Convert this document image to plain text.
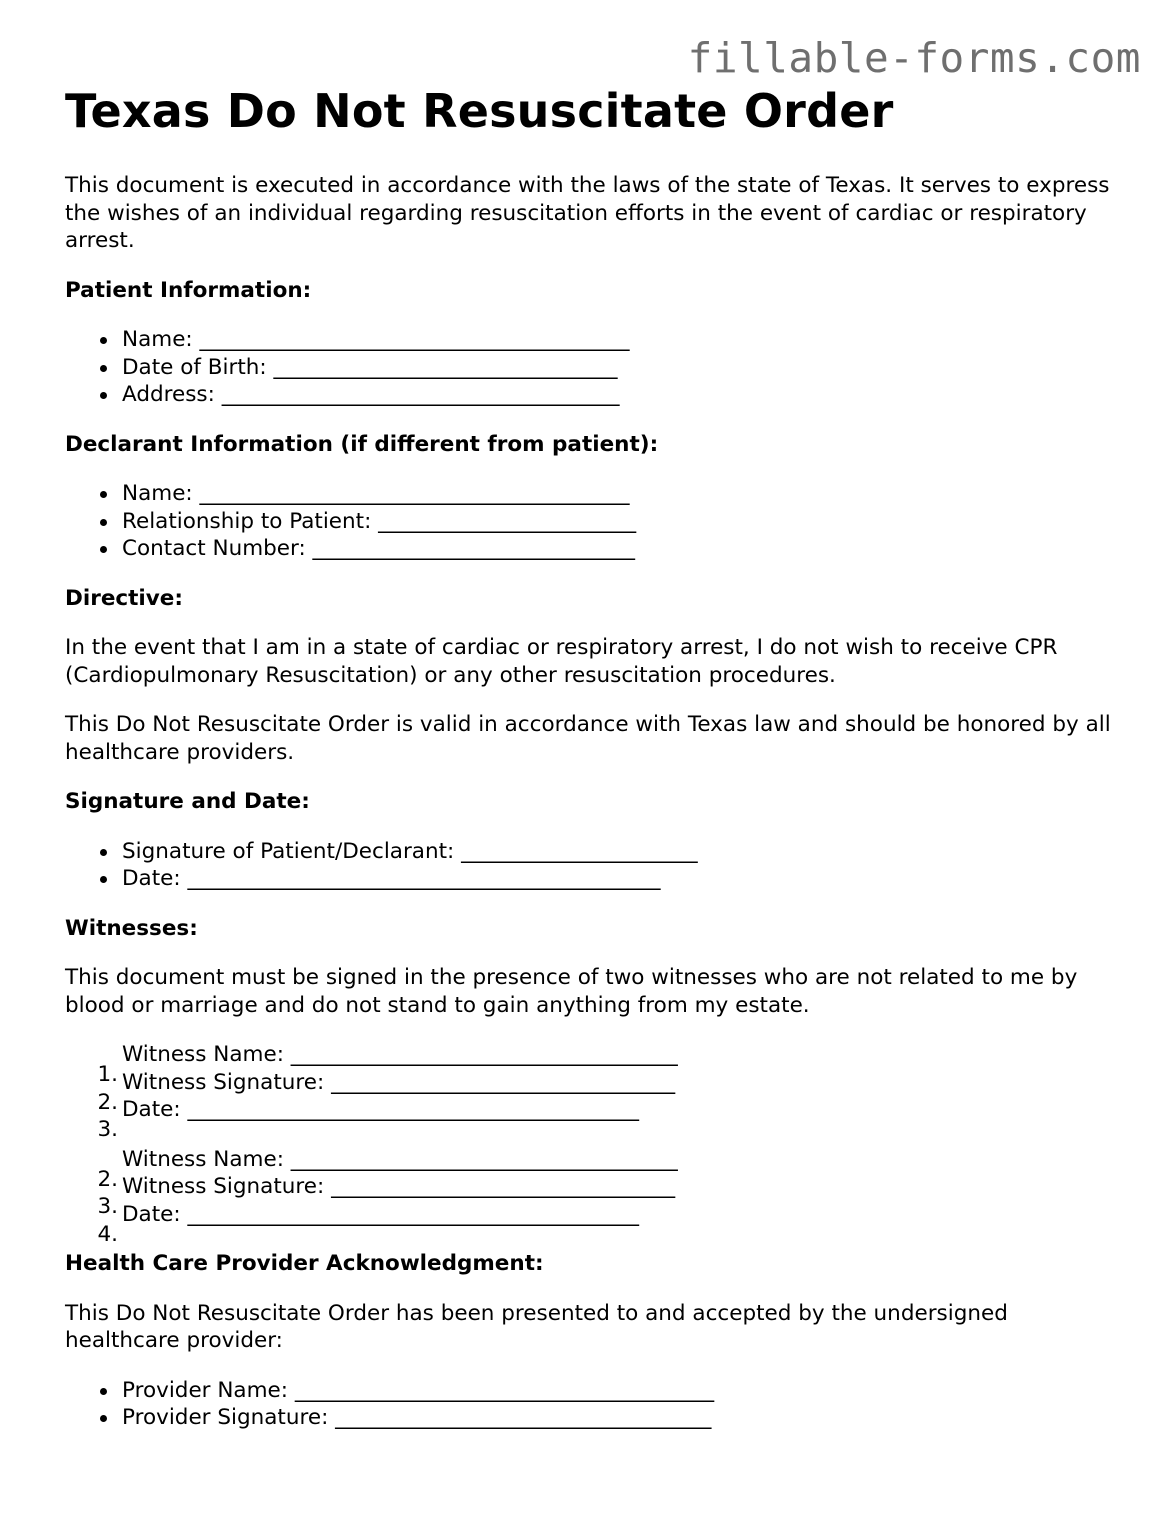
fillable-forms.com
Texas Do Not Resuscitate Order

This document is executed in accordance with the laws of the state of Texas. It serves to express the wishes of an individual regarding resuscitation efforts in the event of cardiac or respiratory arrest.

Patient Information:
Name: ________________________________________
Date of Birth: ________________________________
Address: _____________________________________
Declarant Information (if different from patient):
Name: ________________________________________
Relationship to Patient: ________________________
Contact Number: ______________________________
Directive:

In the event that I am in a state of cardiac or respiratory arrest, I do not wish to receive CPR (Cardiopulmonary Resuscitation) or any other resuscitation procedures.

This Do Not Resuscitate Order is valid in accordance with Texas law and should be honored by all healthcare providers.

Signature and Date:
Signature of Patient/Declarant: ______________________
Date: ____________________________________________
Witnesses:

This document must be signed in the presence of two witnesses who are not related to me by blood or marriage and do not stand to gain anything from my estate.

1.
Witness Name: ____________________________________
2.
Witness Signature: ________________________________
3.
Date: __________________________________________
2.
Witness Name: ____________________________________
3.
Witness Signature: ________________________________
4.
Date: __________________________________________
Health Care Provider Acknowledgment:

This Do Not Resuscitate Order has been presented to and accepted by the undersigned healthcare provider:

Provider Name: _______________________________________
Provider Signature: ___________________________________
